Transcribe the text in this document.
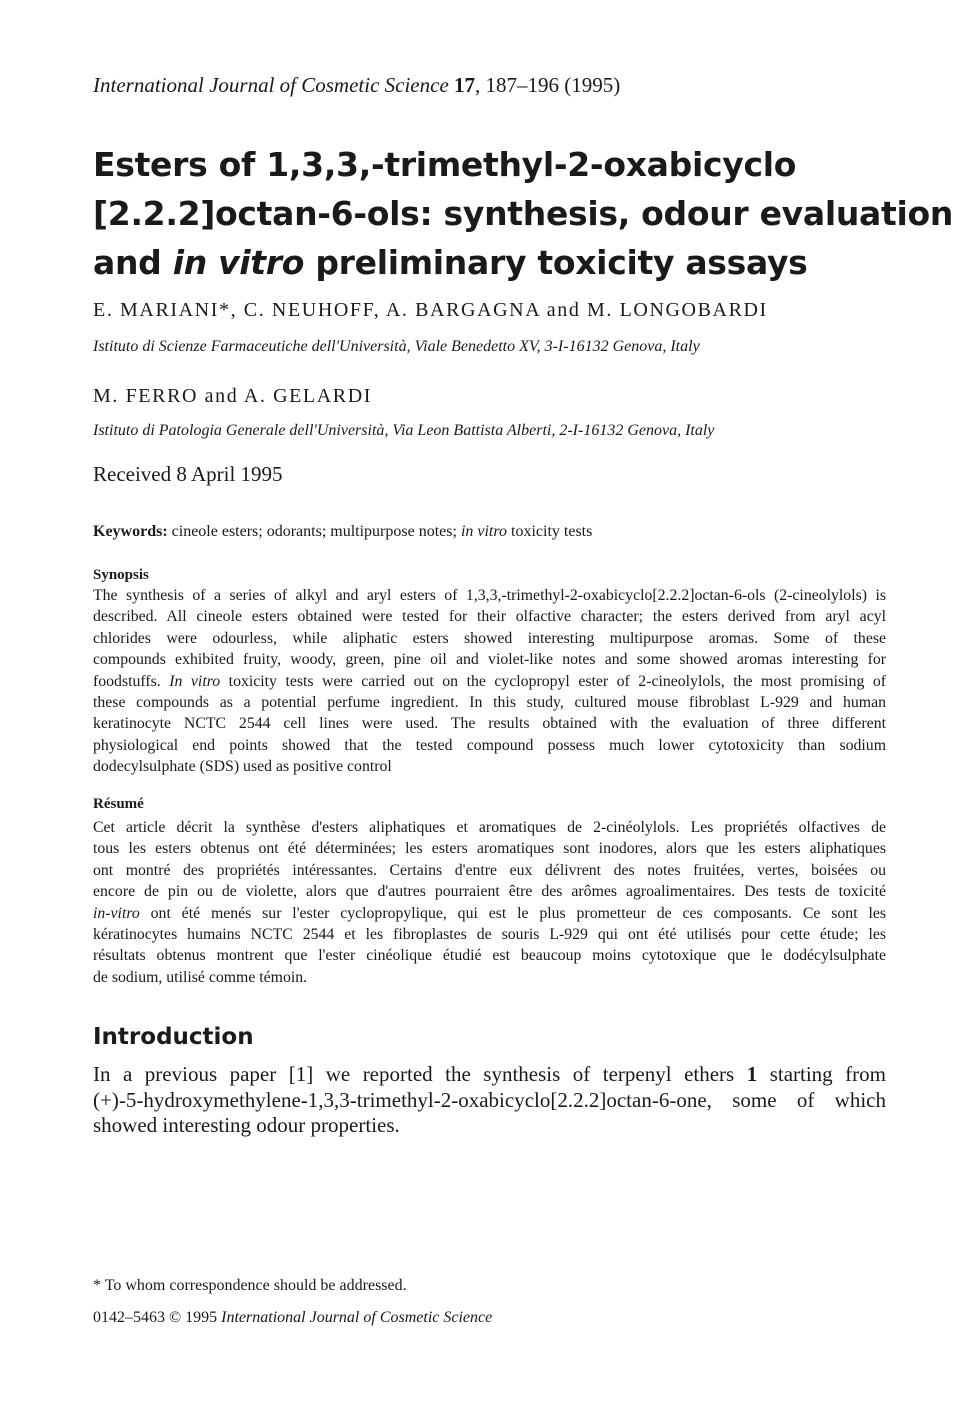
International Journal of Cosmetic Science 17, 187–196 (1995)
Esters of 1,3,3,-trimethyl-2-oxabicyclo
[2.2.2]octan-6-ols: synthesis, odour evaluation
and in vitro preliminary toxicity assays
E. MARIANI*, C. NEUHOFF, A. BARGAGNA and M. LONGOBARDI
Istituto di Scienze Farmaceutiche dell'Università, Viale Benedetto XV, 3-I-16132 Genova, Italy
M. FERRO and A. GELARDI
Istituto di Patologia Generale dell'Università, Via Leon Battista Alberti, 2-I-16132 Genova, Italy
Received 8 April 1995
Keywords: cineole esters; odorants; multipurpose notes; in vitro toxicity tests
Synopsis
The synthesis of a series of alkyl and aryl esters of 1,3,3,-trimethyl-2-oxabicyclo[2.2.2]octan-6-ols (2-cineolylols) is
described. All cineole esters obtained were tested for their olfactive character; the esters derived from aryl acyl
chlorides were odourless, while aliphatic esters showed interesting multipurpose aromas. Some of these
compounds exhibited fruity, woody, green, pine oil and violet-like notes and some showed aromas interesting for
foodstuffs. In vitro toxicity tests were carried out on the cyclopropyl ester of 2-cineolylols, the most promising of
these compounds as a potential perfume ingredient. In this study, cultured mouse fibroblast L-929 and human
keratinocyte NCTC 2544 cell lines were used. The results obtained with the evaluation of three different
physiological end points showed that the tested compound possess much lower cytotoxicity than sodium
dodecylsulphate (SDS) used as positive control
Résumé
Cet article décrit la synthèse d'esters aliphatiques et aromatiques de 2-cinéolylols. Les propriétés olfactives de
tous les esters obtenus ont été déterminées; les esters aromatiques sont inodores, alors que les esters aliphatiques
ont montré des propriétés intéressantes. Certains d'entre eux délivrent des notes fruitées, vertes, boisées ou
encore de pin ou de violette, alors que d'autres pourraient être des arômes agroalimentaires. Des tests de toxicité
in-vitro ont été menés sur l'ester cyclopropylique, qui est le plus prometteur de ces composants. Ce sont les
kératinocytes humains NCTC 2544 et les fibroplastes de souris L-929 qui ont été utilisés pour cette étude; les
résultats obtenus montrent que l'ester cinéolique étudié est beaucoup moins cytotoxique que le dodécylsulphate
de sodium, utilisé comme témoin.
Introduction
In a previous paper [1] we reported the synthesis of terpenyl ethers 1 starting from
(+)-5-hydroxymethylene-1,3,3-trimethyl-2-oxabicyclo[2.2.2]octan-6-one, some of which
showed interesting odour properties.
* To whom correspondence should be addressed.
0142–5463 © 1995 International Journal of Cosmetic Science
